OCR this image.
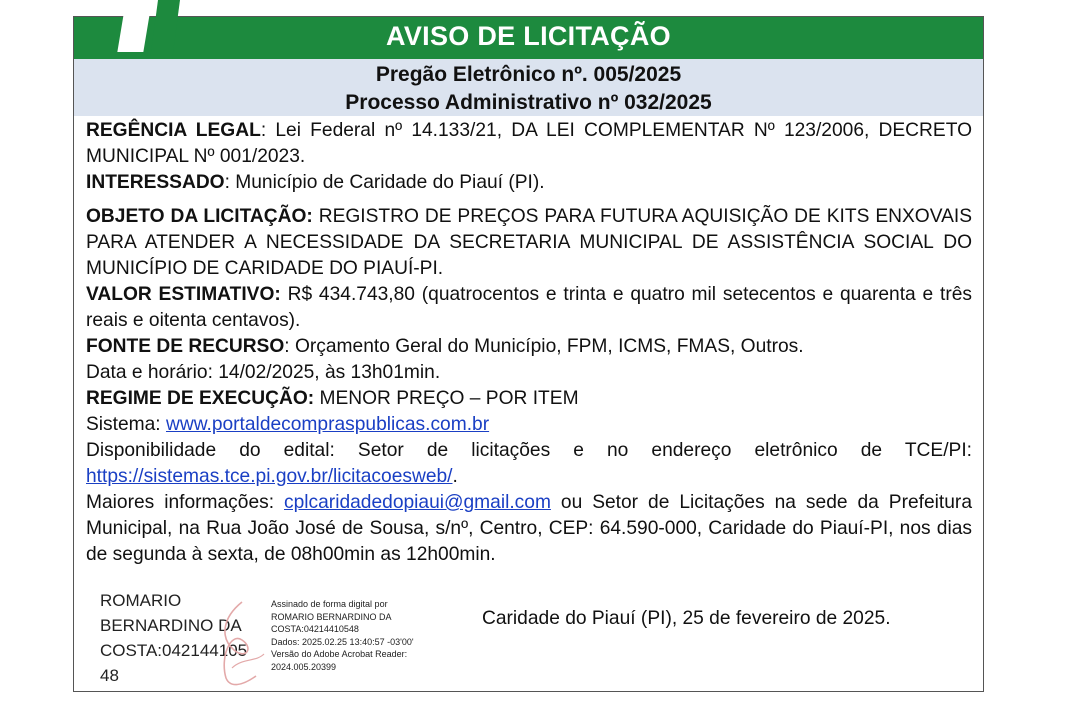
AVISO DE LICITAÇÃO
Pregão Eletrônico nº. 005/2025
Processo Administrativo nº 032/2025

REGÊNCIA LEGAL: Lei Federal nº 14.133/21, DA LEI COMPLEMENTAR Nº 123/2006, DECRETO MUNICIPAL Nº 001/2023.

INTERESSADO: Município de Caridade do Piauí (PI).

OBJETO DA LICITAÇÃO: REGISTRO DE PREÇOS PARA FUTURA AQUISIÇÃO DE KITS ENXOVAIS PARA ATENDER A NECESSIDADE DA SECRETARIA MUNICIPAL DE ASSISTÊNCIA SOCIAL DO MUNICÍPIO DE CARIDADE DO PIAUÍ-PI.

VALOR ESTIMATIVO: R$ 434.743,80 (quatrocentos e trinta e quatro mil setecentos e quarenta e três reais e oitenta centavos).

FONTE DE RECURSO: Orçamento Geral do Município, FPM, ICMS, FMAS, Outros.

Data e horário: 14/02/2025, às 13h01min.

REGIME DE EXECUÇÃO: MENOR PREÇO – POR ITEM

Sistema: www.portaldecompraspublicas.com.br

Disponibilidade do edital: Setor de licitações e no endereço eletrônico de TCE/PI: https://sistemas.tce.pi.gov.br/licitacoesweb/.

Maiores informações: cplcaridadedopiaui@gmail.com ou Setor de Licitações na sede da Prefeitura Municipal, na Rua João José de Sousa, s/nº, Centro, CEP: 64.590-000, Caridade do Piauí-PI, nos dias de segunda à sexta, de 08h00min as 12h00min.

ROMARIO
BERNARDINO DA
COSTA:042144105
48
Assinado de forma digital por
ROMARIO BERNARDINO DA
COSTA:04214410548
Dados: 2025.02.25 13:40:57 -03'00'
Versão do Adobe Acrobat Reader:
2024.005.20399
Caridade do Piauí (PI), 25 de fevereiro de 2025.
